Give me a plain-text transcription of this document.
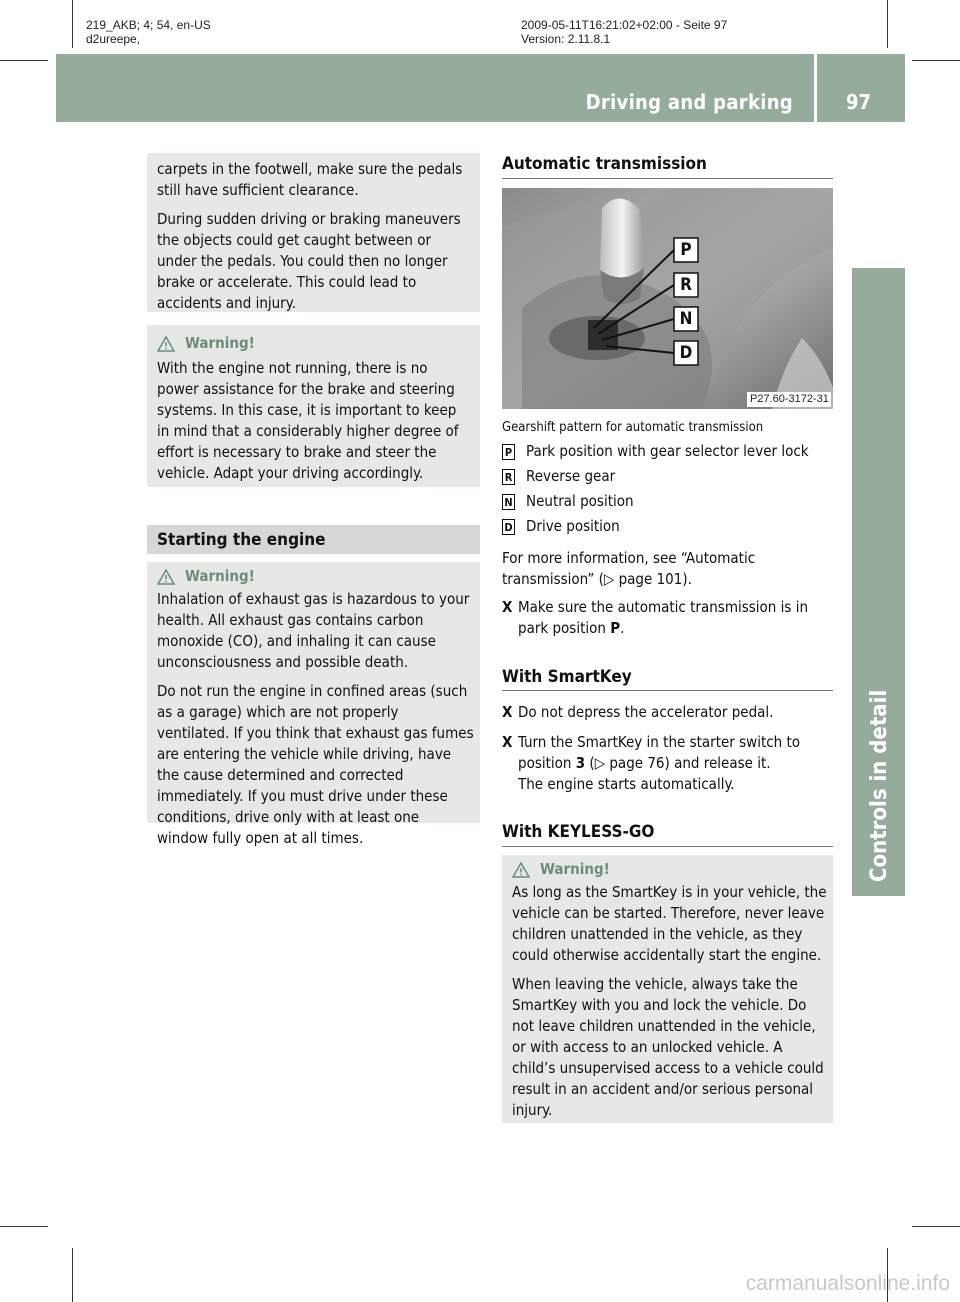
219_AKB; 4; 54, en-US
d2ureepe,
2009-05-11T16:21:02+02:00 - Seite 97
Version: 2.11.8.1
Driving and parking	97
Controls in detail

carpets in the footwell, make sure the pedals still have sufficient clearance.

During sudden driving or braking maneuvers the objects could get caught between or under the pedals. You could then no longer brake or accelerate. This could lead to accidents and injury.

Warning!

With the engine not running, there is no power assistance for the brake and steering systems. In this case, it is important to keep in mind that a considerably higher degree of effort is necessary to brake and steer the vehicle. Adapt your driving accordingly.

Starting the engine
Warning!

Inhalation of exhaust gas is hazardous to your health. All exhaust gas contains carbon monoxide (CO), and inhaling it can cause unconsciousness and possible death.

Do not run the engine in confined areas (such as a garage) which are not properly ventilated. If you think that exhaust gas fumes are entering the vehicle while driving, have the cause determined and corrected immediately. If you must drive under these conditions, drive only with at least one window fully open at all times.

Automatic transmission
P
R
N
D
P27.60-3172-31
Gearshift pattern for automatic transmission
P Park position with gear selector lever lock
R Reverse gear
N Neutral position
D Drive position

For more information, see “Automatic transmission” (▷ page 101).

X Make sure the automatic transmission is in park position P.
With SmartKey
X Do not depress the accelerator pedal.
X Turn the SmartKey in the starter switch to position 3 (▷ page 76) and release it.
The engine starts automatically.
With KEYLESS-GO
Warning!

As long as the SmartKey is in your vehicle, the vehicle can be started. Therefore, never leave children unattended in the vehicle, as they could otherwise accidentally start the engine.

When leaving the vehicle, always take the SmartKey with you and lock the vehicle. Do not leave children unattended in the vehicle, or with access to an unlocked vehicle. A child’s unsupervised access to a vehicle could result in an accident and/or serious personal injury.

carmanualsonline.info
